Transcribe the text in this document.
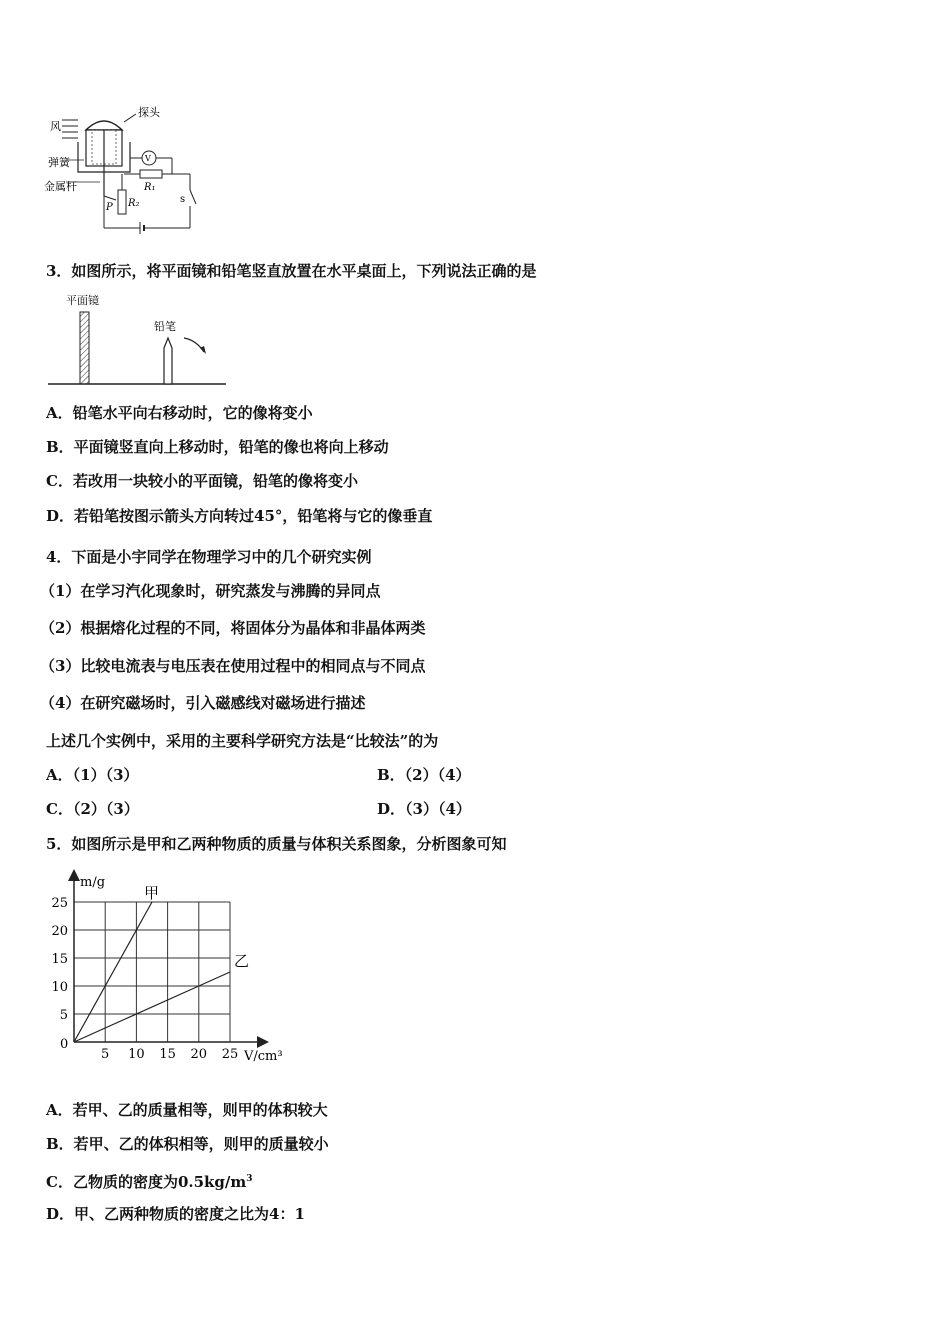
风
探头
弹簧
金属杆
V
R₁
R₂
P
s
3．如图所示，将平面镜和铅笔竖直放置在水平桌面上，下列说法正确的是
平面镜
铅笔
A．铅笔水平向右移动时，它的像将变小
B．平面镜竖直向上移动时，铅笔的像也将向上移动
C．若改用一块较小的平面镜，铅笔的像将变小
D．若铅笔按图示箭头方向转过45°，铅笔将与它的像垂直
4．下面是小宇同学在物理学习中的几个研究实例
（1）在学习汽化现象时，研究蒸发与沸腾的异同点
（2）根据熔化过程的不同，将固体分为晶体和非晶体两类
（3）比较电流表与电压表在使用过程中的相同点与不同点
（4）在研究磁场时，引入磁感线对磁场进行描述
上述几个实例中，采用的主要科学研究方法是“比较法”的为
A．（1）（3）	B．（2）（4）
C．（2）（3）	D．（3）（4）
5．如图所示是甲和乙两种物质的质量与体积关系图象，分析图象可知
5 10 15 20 25
5
10
15
20
25
0
V/cm³
m/g
甲
乙
A．若甲、乙的质量相等，则甲的体积较大
B．若甲、乙的体积相等，则甲的质量较小
C．乙物质的密度为$0.5kg/m^3$
D．甲、乙两种物质的密度之比为4：1
